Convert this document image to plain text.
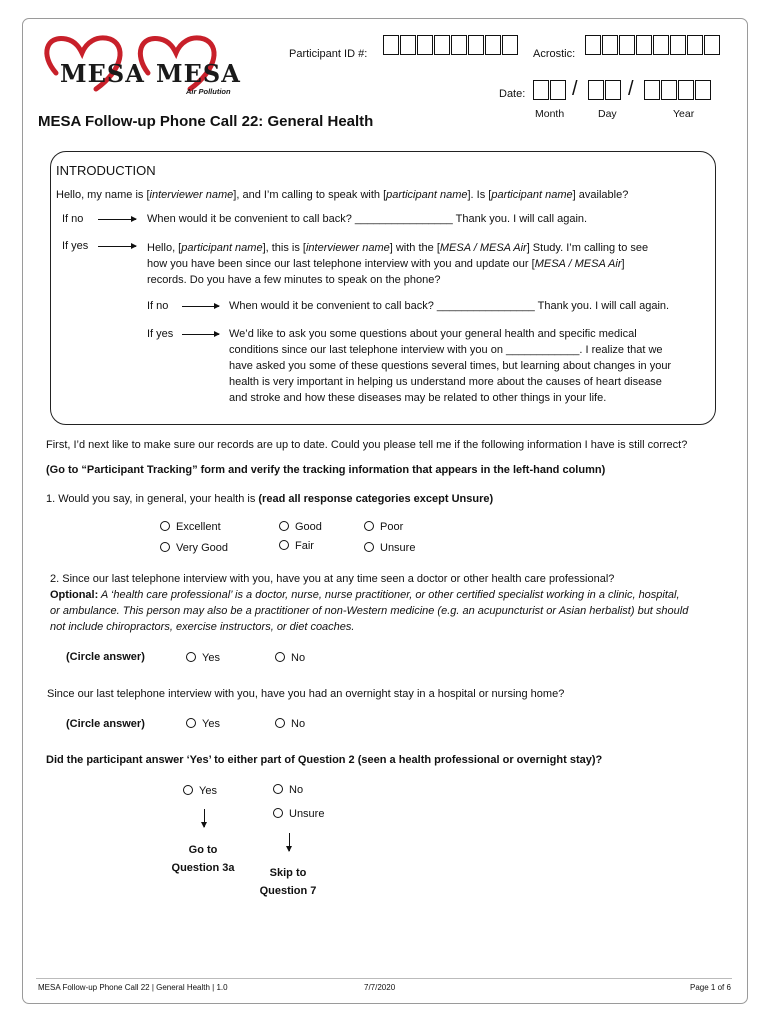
MESA MESA
Air Pollution
Participant ID #:	Acrostic:
Date: /	/
Month	Day	Year
MESA Follow-up Phone Call 22: General Health
INTRODUCTION
Hello, my name is [interviewer name], and I’m calling to speak with [participant name]. Is [participant name] available?
If no	When would it be convenient to call back? ________________ Thank you. I will call again.
If yes	Hello, [participant name], this is [interviewer name] with the [MESA / MESA Air] Study. I’m calling to see
how you have been since our last telephone interview with you and update our [MESA / MESA Air]
records. Do you have a few minutes to speak on the phone?
If no	When would it be convenient to call back? ________________ Thank you. I will call again.
If yes	We’d like to ask you some questions about your general health and specific medical
conditions since our last telephone interview with you on ____________. I realize that we
have asked you some of these questions several times, but learning about changes in your
health is very important in helping us understand more about the causes of heart disease
and stroke and how these diseases may be related to other things in your life.
First, I’d next like to make sure our records are up to date. Could you please tell me if the following information I have is still correct?
(Go to “Participant Tracking” form and verify the tracking information that appears in the left-hand column)
1. Would you say, in general, your health is (read all response categories except Unsure)
Excellent
Very Good
Good
Fair
Poor
Unsure
2. Since our last telephone interview with you, have you at any time seen a doctor or other health care professional?
Optional: A ‘health care professional’ is a doctor, nurse, nurse practitioner, or other certified specialist working in a clinic, hospital,
or ambulance. This person may also be a practitioner of non-Western medicine (e.g. an acupuncturist or Asian herbalist) but should
not include chiropractors, exercise instructors, or diet coaches.
(Circle answer)	Yes	No
Since our last telephone interview with you, have you had an overnight stay in a hospital or nursing home?
(Circle answer)	Yes	No
Did the participant answer ‘Yes’ to either part of Question 2 (seen a health professional or overnight stay)?
Yes	No
Unsure
Go to
Question 3a	Skip to
Question 7
MESA Follow-up Phone Call 22 | General Health | 1.0	7/7/2020	Page 1 of 6
